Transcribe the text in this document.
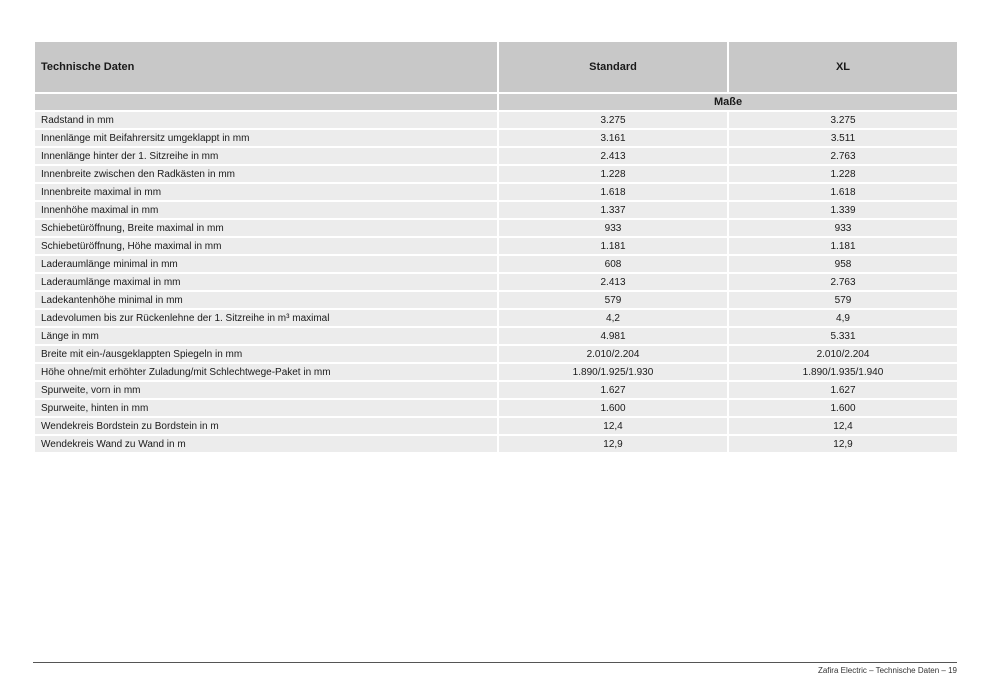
Technische Daten	Standard	XL
	Maße	
Radstand in mm	3.275	3.275
Innenlänge mit Beifahrersitz umgeklappt in mm	3.161	3.511
Innenlänge hinter der 1. Sitzreihe in mm	2.413	2.763
Innenbreite zwischen den Radkästen in mm	1.228	1.228
Innenbreite maximal in mm	1.618	1.618
Innenhöhe maximal in mm	1.337	1.339
Schiebetüröffnung, Breite maximal in mm	933	933
Schiebetüröffnung, Höhe maximal in mm	1.181	1.181
Laderaumlänge minimal in mm	608	958
Laderaumlänge maximal in mm	2.413	2.763
Ladekantenhöhe minimal in mm	579	579
Ladevolumen bis zur Rückenlehne der 1. Sitzreihe in m³ maximal	4,2	4,9
Länge in mm	4.981	5.331
Breite mit ein-/ausgeklappten Spiegeln in mm	2.010/2.204	2.010/2.204
Höhe ohne/mit erhöhter Zuladung/mit Schlechtwege-Paket in mm	1.890/1.925/1.930	1.890/1.935/1.940
Spurweite, vorn in mm	1.627	1.627
Spurweite, hinten in mm	1.600	1.600
Wendekreis Bordstein zu Bordstein in m	12,4	12,4
Wendekreis Wand zu Wand in m	12,9	12,9
Zafira Electric – Technische Daten – 19
